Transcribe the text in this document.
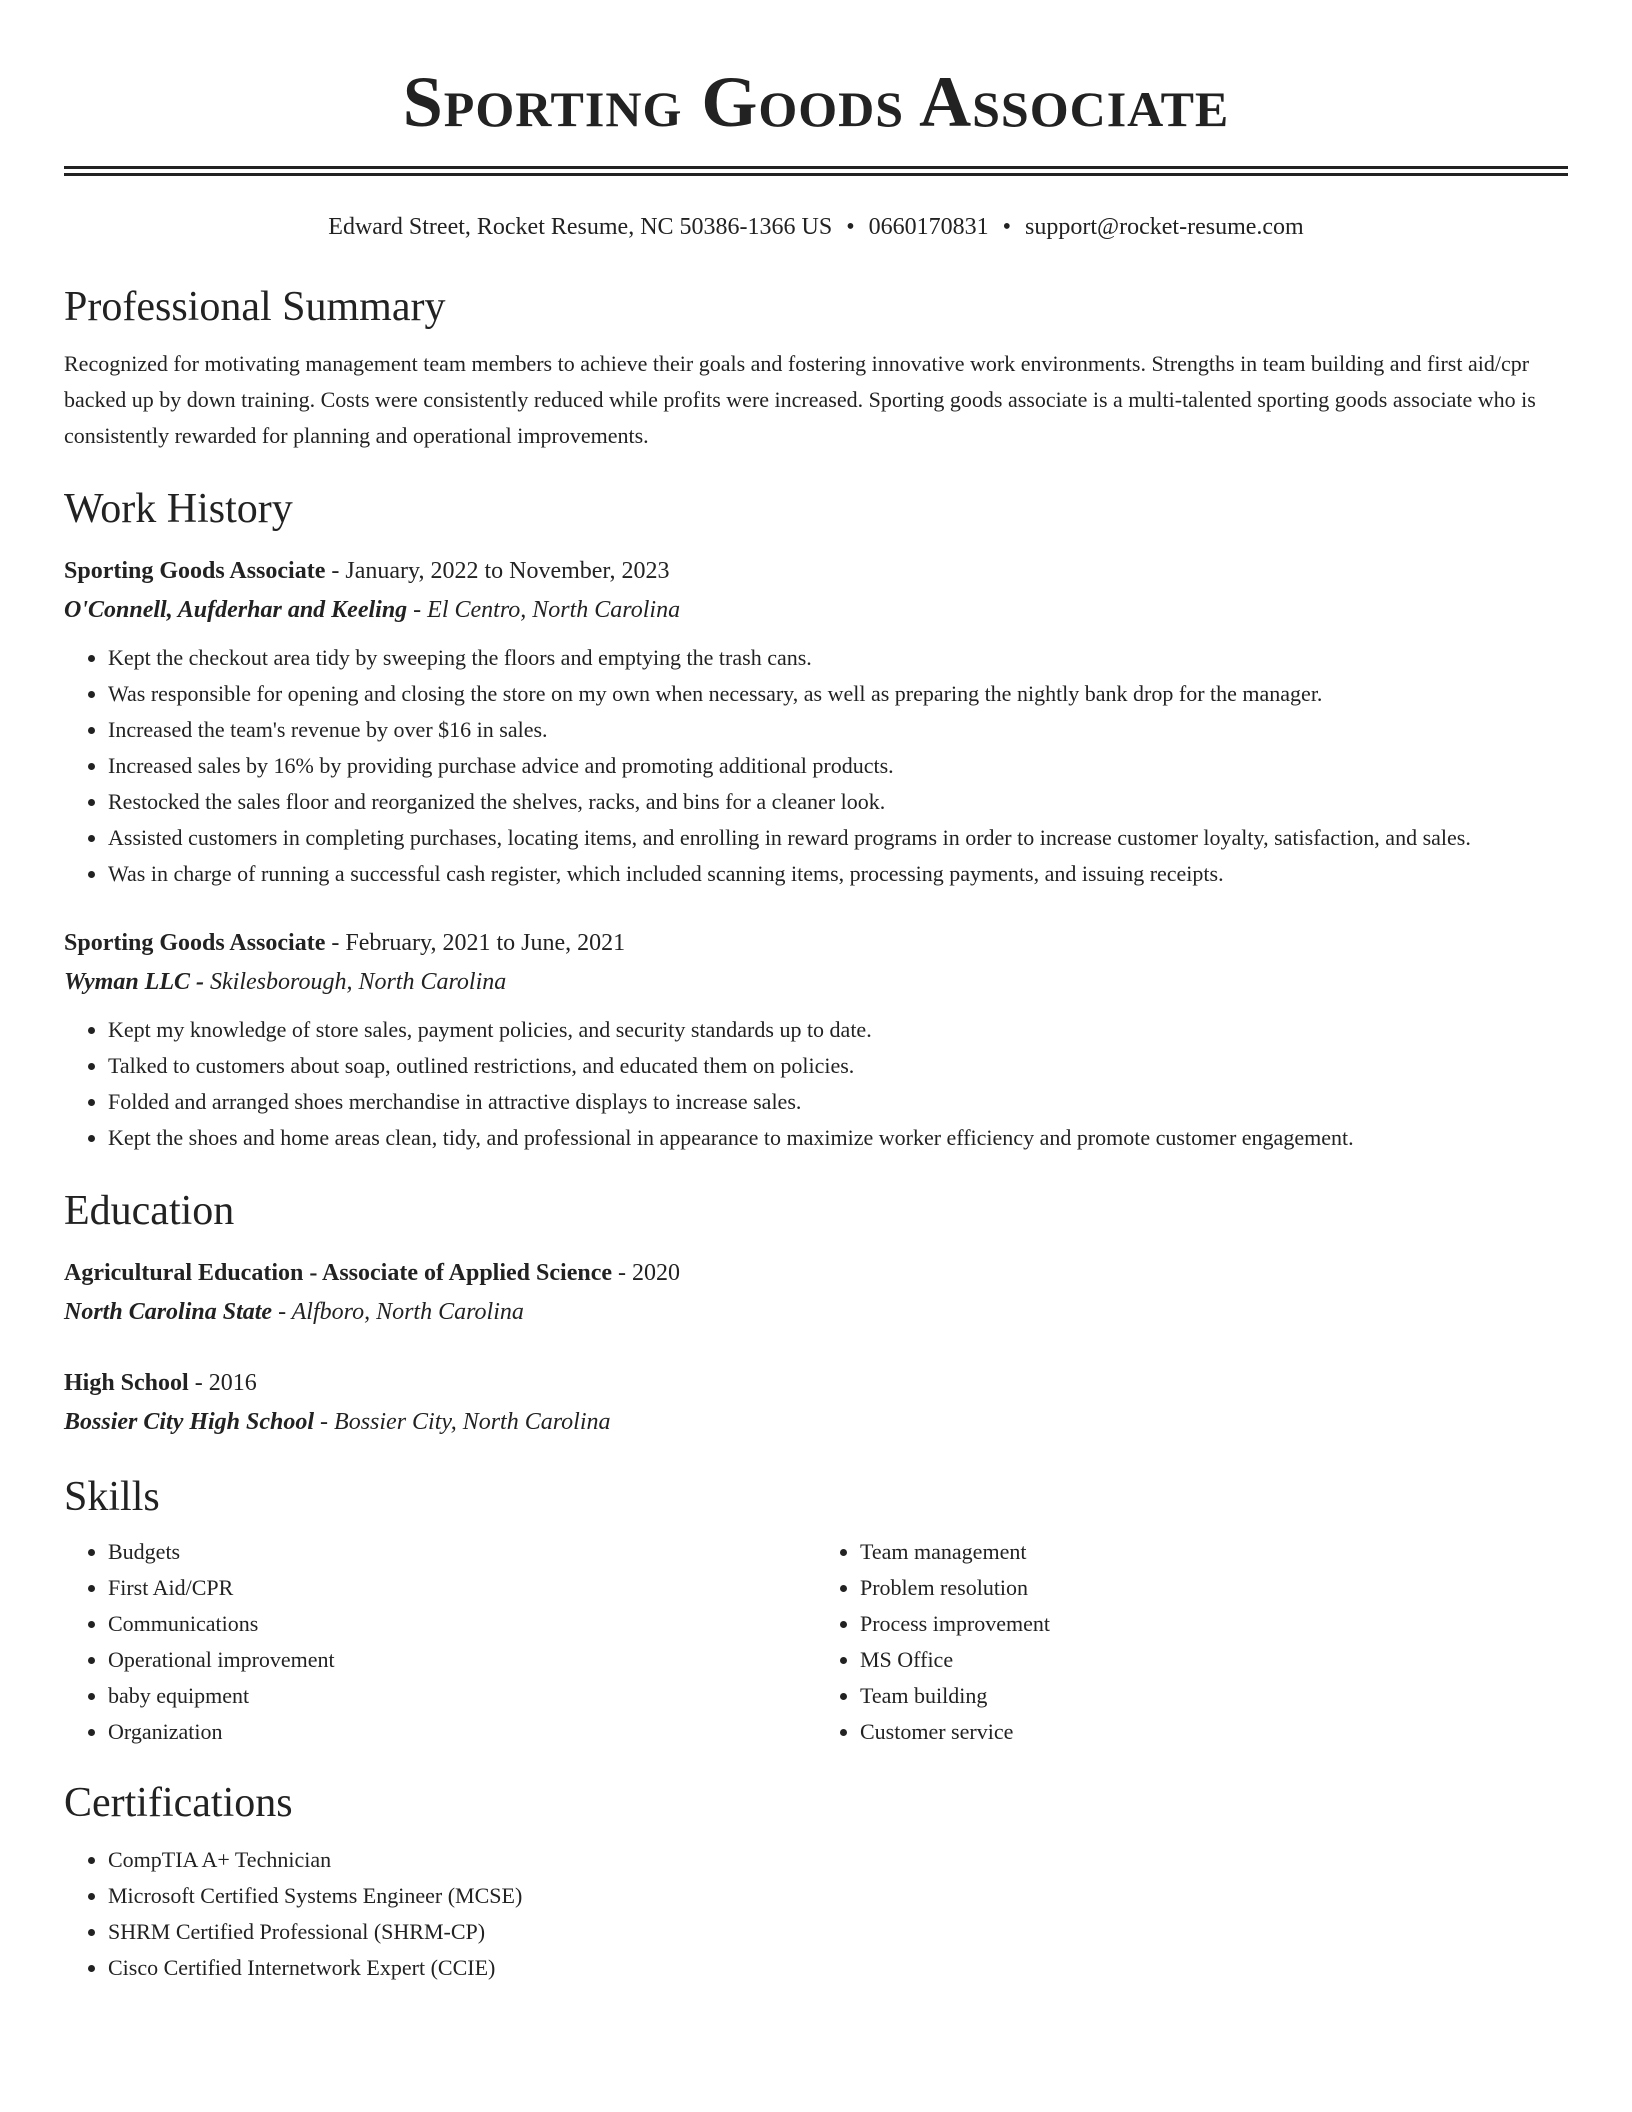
Sporting Goods Associate
Edward Street, Rocket Resume, NC 50386-1366 US • 0660170831 • support@rocket-resume.com
Professional Summary

Recognized for motivating management team members to achieve their goals and fostering innovative work environments. Strengths in team building and first aid/cpr backed up by down training. Costs were consistently reduced while profits were increased. Sporting goods associate is a multi-talented sporting goods associate who is consistently rewarded for planning and operational improvements.

Work History
Sporting Goods Associate - January, 2022 to November, 2023
O'Connell, Aufderhar and Keeling - El Centro, North Carolina
• Kept the checkout area tidy by sweeping the floors and emptying the trash cans.
• Was responsible for opening and closing the store on my own when necessary, as well as preparing the nightly bank drop for the manager.
• Increased the team's revenue by over $16 in sales.
• Increased sales by 16% by providing purchase advice and promoting additional products.
• Restocked the sales floor and reorganized the shelves, racks, and bins for a cleaner look.
• Assisted customers in completing purchases, locating items, and enrolling in reward programs in order to increase customer loyalty, satisfaction, and sales.
• Was in charge of running a successful cash register, which included scanning items, processing payments, and issuing receipts.
Sporting Goods Associate - February, 2021 to June, 2021
Wyman LLC - Skilesborough, North Carolina
• Kept my knowledge of store sales, payment policies, and security standards up to date.
• Talked to customers about soap, outlined restrictions, and educated them on policies.
• Folded and arranged shoes merchandise in attractive displays to increase sales.
• Kept the shoes and home areas clean, tidy, and professional in appearance to maximize worker efficiency and promote customer engagement.
Education
Agricultural Education - Associate of Applied Science - 2020
North Carolina State - Alfboro, North Carolina
High School - 2016
Bossier City High School - Bossier City, North Carolina
Skills
• Budgets
• First Aid/CPR
• Communications
• Operational improvement
• baby equipment
• Organization
• Team management
• Problem resolution
• Process improvement
• MS Office
• Team building
• Customer service
Certifications
• CompTIA A+ Technician
• Microsoft Certified Systems Engineer (MCSE)
• SHRM Certified Professional (SHRM-CP)
• Cisco Certified Internetwork Expert (CCIE)
